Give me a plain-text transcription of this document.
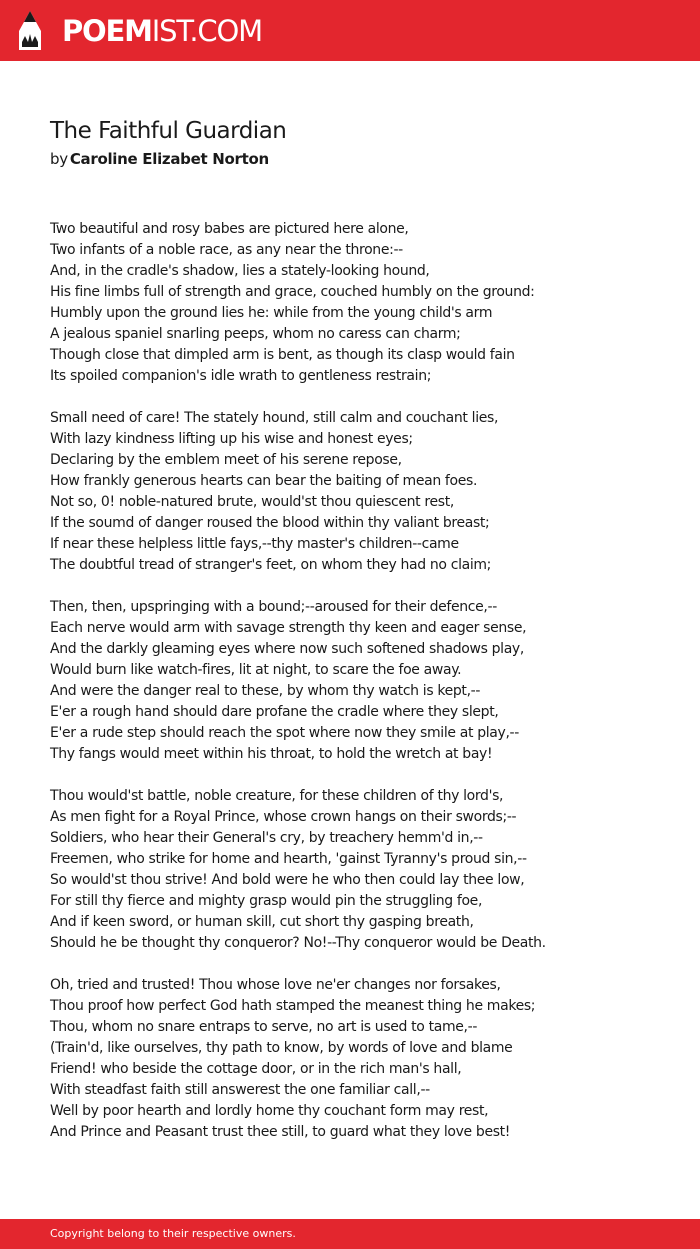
POEMIST.COM
The Faithful Guardian
by Caroline Elizabet Norton
Two beautiful and rosy babes are pictured here alone,
Two infants of a noble race, as any near the throne:--
And, in the cradle's shadow, lies a stately-looking hound,
His fine limbs full of strength and grace, couched humbly on the ground:
Humbly upon the ground lies he: while from the young child's arm
A jealous spaniel snarling peeps, whom no caress can charm;
Though close that dimpled arm is bent, as though its clasp would fain
Its spoiled companion's idle wrath to gentleness restrain;
Small need of care! The stately hound, still calm and couchant lies,
With lazy kindness lifting up his wise and honest eyes;
Declaring by the emblem meet of his serene repose,
How frankly generous hearts can bear the baiting of mean foes.
Not so, 0! noble-natured brute, would'st thou quiescent rest,
If the soumd of danger roused the blood within thy valiant breast;
If near these helpless little fays,--thy master's children--came
The doubtful tread of stranger's feet, on whom they had no claim;
Then, then, upspringing with a bound;--aroused for their defence,--
Each nerve would arm with savage strength thy keen and eager sense,
And the darkly gleaming eyes where now such softened shadows play,
Would burn like watch-fires, lit at night, to scare the foe away.
And were the danger real to these, by whom thy watch is kept,--
E'er a rough hand should dare profane the cradle where they slept,
E'er a rude step should reach the spot where now they smile at play,--
Thy fangs would meet within his throat, to hold the wretch at bay!
Thou would'st battle, noble creature, for these children of thy lord's,
As men fight for a Royal Prince, whose crown hangs on their swords;--
Soldiers, who hear their General's cry, by treachery hemm'd in,--
Freemen, who strike for home and hearth, 'gainst Tyranny's proud sin,--
So would'st thou strive! And bold were he who then could lay thee low,
For still thy fierce and mighty grasp would pin the struggling foe,
And if keen sword, or human skill, cut short thy gasping breath,
Should he be thought thy conqueror? No!--Thy conqueror would be Death.
Oh, tried and trusted! Thou whose love ne'er changes nor forsakes,
Thou proof how perfect God hath stamped the meanest thing he makes;
Thou, whom no snare entraps to serve, no art is used to tame,--
(Train'd, like ourselves, thy path to know, by words of love and blame
Friend! who beside the cottage door, or in the rich man's hall,
With steadfast faith still answerest the one familiar call,--
Well by poor hearth and lordly home thy couchant form may rest,
And Prince and Peasant trust thee still, to guard what they love best!
Copyright belong to their respective owners.
